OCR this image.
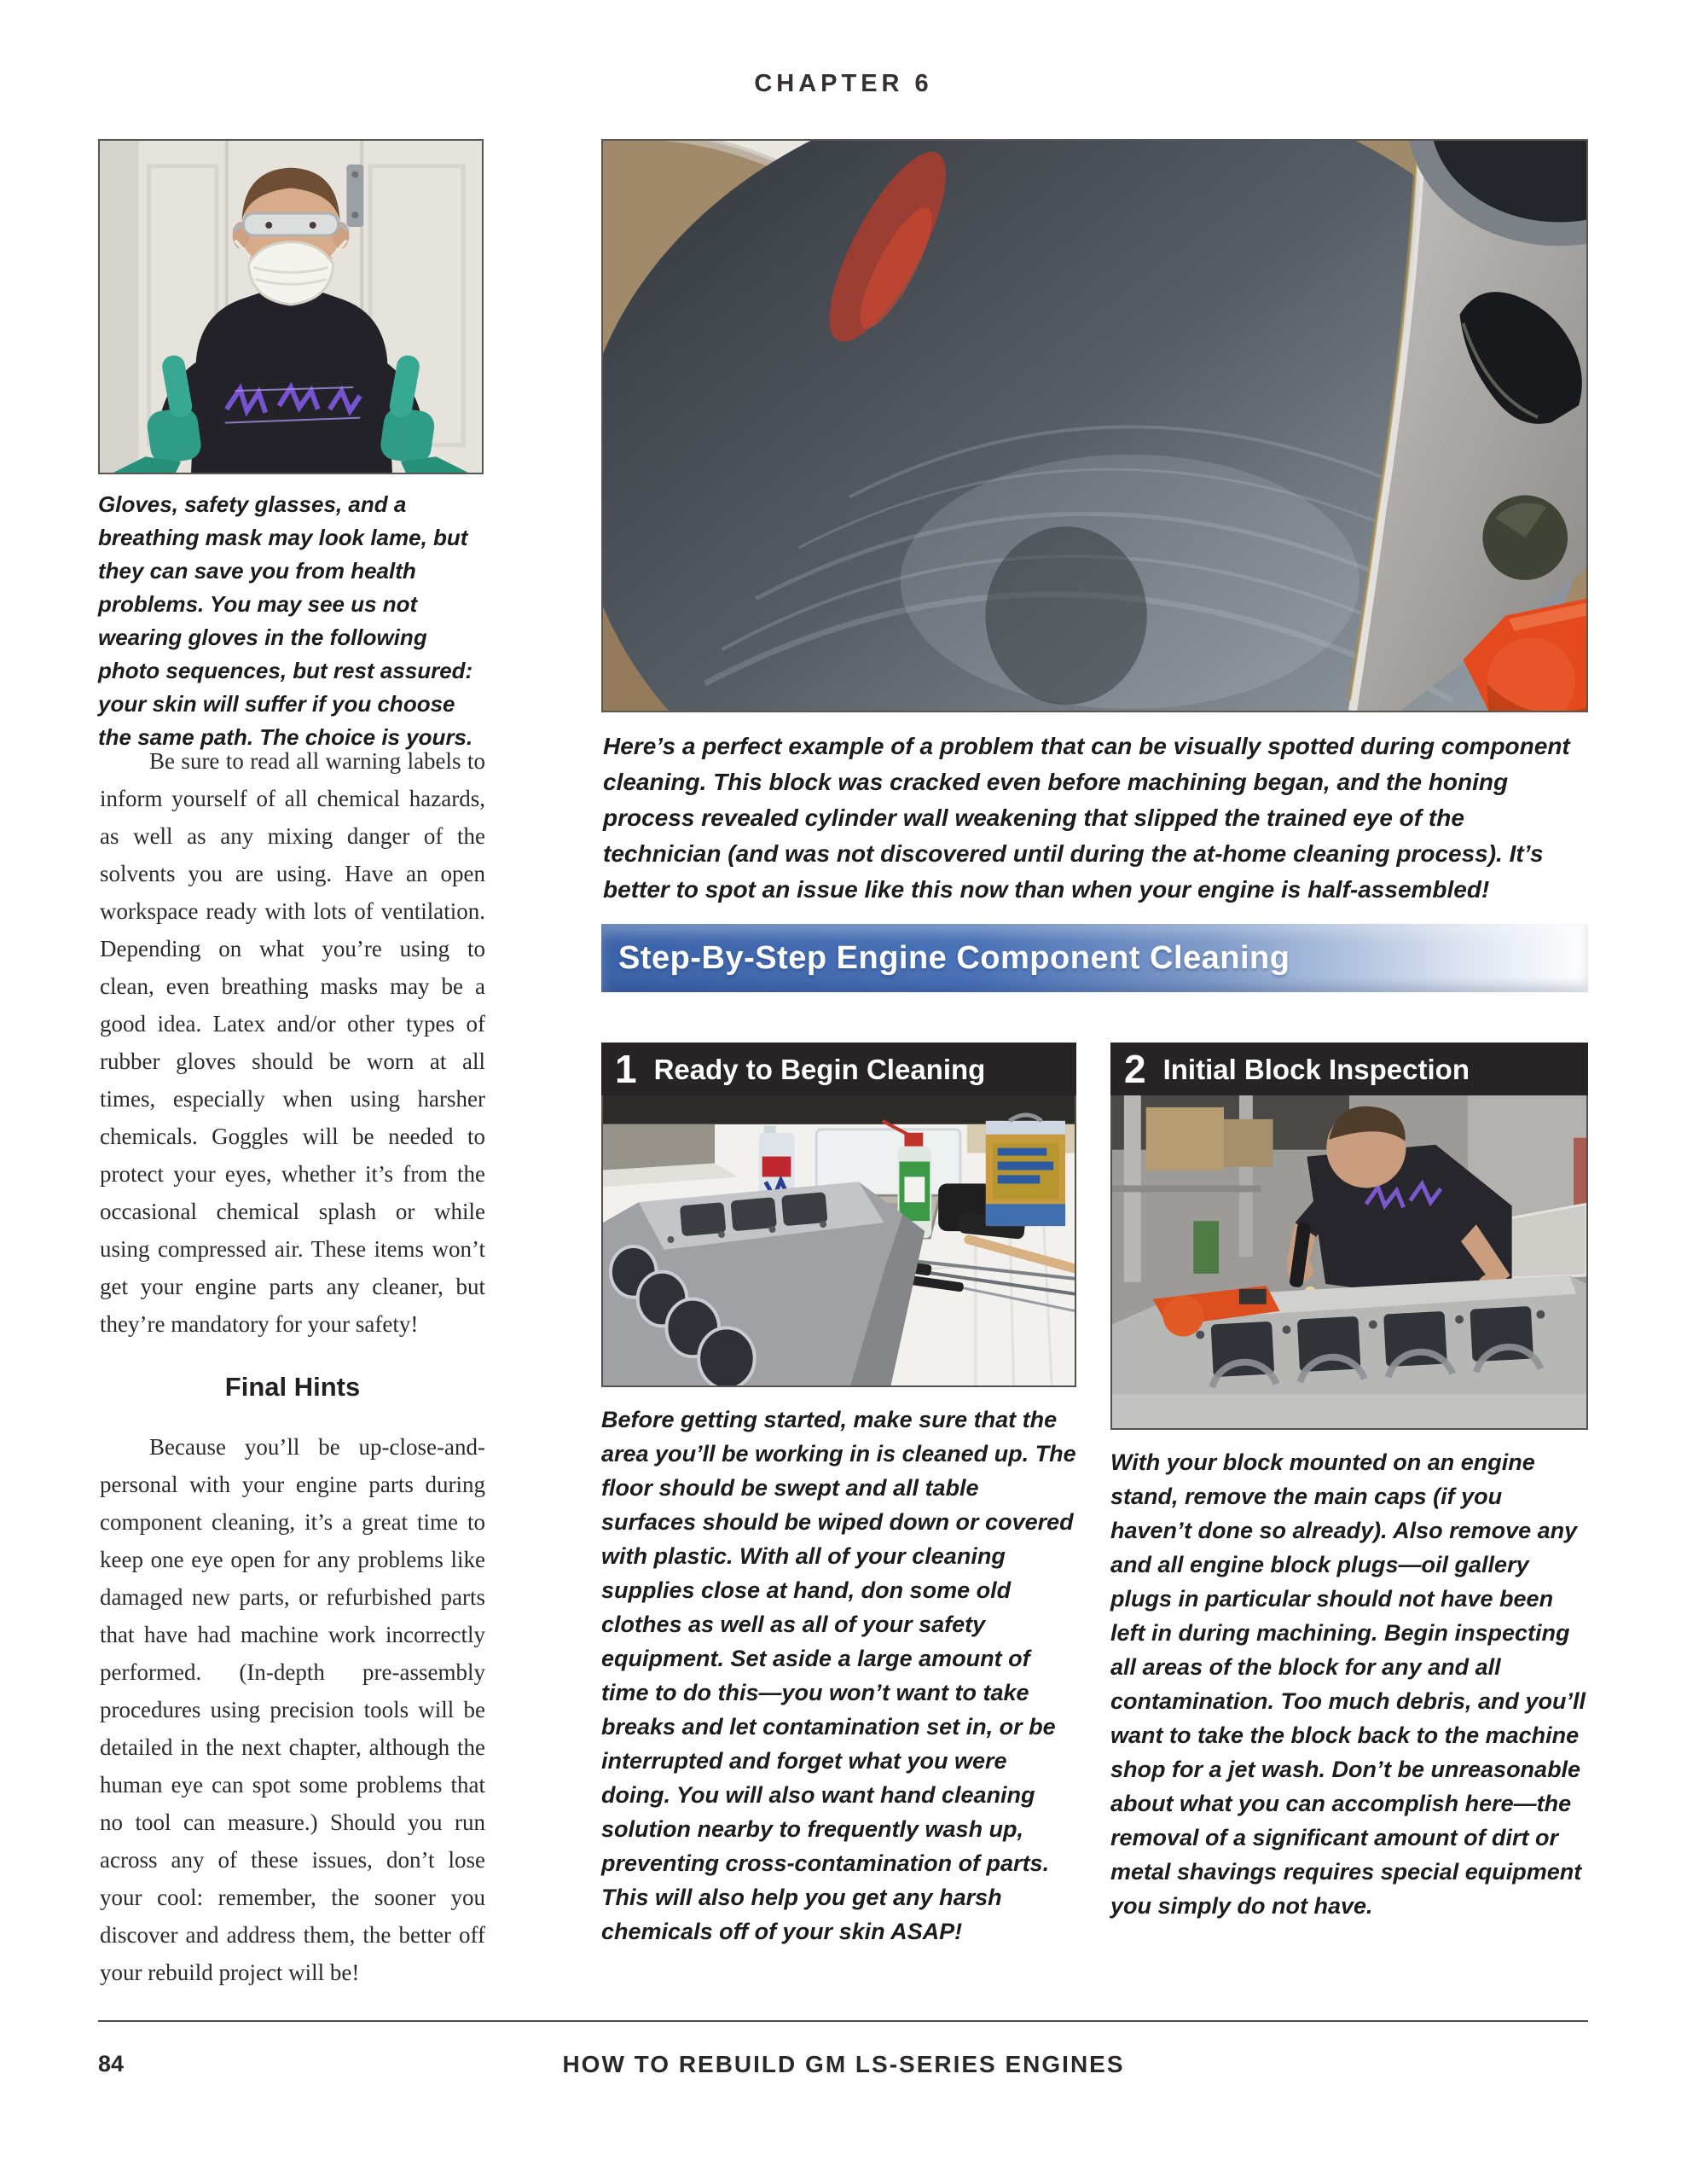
CHAPTER 6
Gloves, safety glasses, and a breathing mask may look lame, but they can save you from health problems. You may see us not wearing gloves in the following photo sequences, but rest assured: your skin will suffer if you choose the same path. The choice is yours.

Be sure to read all warning labels to inform yourself of all chemical hazards, as well as any mixing danger of the solvents you are using. Have an open workspace ready with lots of ventilation. Depending on what you’re using to clean, even breathing masks may be a good idea. Latex and/or other types of rubber gloves should be worn at all times, especially when using harsher chemicals. Goggles will be needed to protect your eyes, whether it’s from the occasional chemical splash or while using compressed air. These items won’t get your engine parts any cleaner, but they’re mandatory for your safety!

Final Hints

Because you’ll be up-close-and-personal with your engine parts during component cleaning, it’s a great time to keep one eye open for any problems like damaged new parts, or refurbished parts that have had machine work incorrectly performed. (In-depth pre-assembly procedures using precision tools will be detailed in the next chapter, although the human eye can spot some problems that no tool can measure.) Should you run across any of these issues, don’t lose your cool: remember, the sooner you discover and address them, the better off your rebuild project will be!

Here’s a perfect example of a problem that can be visually spotted during component cleaning. This block was cracked even before machining began, and the honing process revealed cylinder wall weakening that slipped the trained eye of the technician (and was not discovered until during the at-home cleaning process). It’s better to spot an issue like this now than when your engine is half-assembled!
Step-By-Step Engine Component Cleaning
1 Ready to Begin Cleaning
Before getting started, make sure that the area you’ll be working in is cleaned up. The floor should be swept and all table surfaces should be wiped down or covered with plastic. With all of your cleaning supplies close at hand, don some old clothes as well as all of your safety equipment. Set aside a large amount of time to do this—you won’t want to take breaks and let contamination set in, or be interrupted and forget what you were doing. You will also want hand cleaning solution nearby to frequently wash up, preventing cross-contamination of parts. This will also help you get any harsh chemicals off of your skin ASAP!
2 Initial Block Inspection
With your block mounted on an engine stand, remove the main caps (if you haven’t done so already). Also remove any and all engine block plugs—oil gallery plugs in particular should not have been left in during machining. Begin inspecting all areas of the block for any and all contamination. Too much debris, and you’ll want to take the block back to the machine shop for a jet wash. Don’t be unreasonable about what you can accomplish here—the removal of a significant amount of dirt or metal shavings requires special equipment you simply do not have.
84	HOW TO REBUILD GM LS-SERIES ENGINES
